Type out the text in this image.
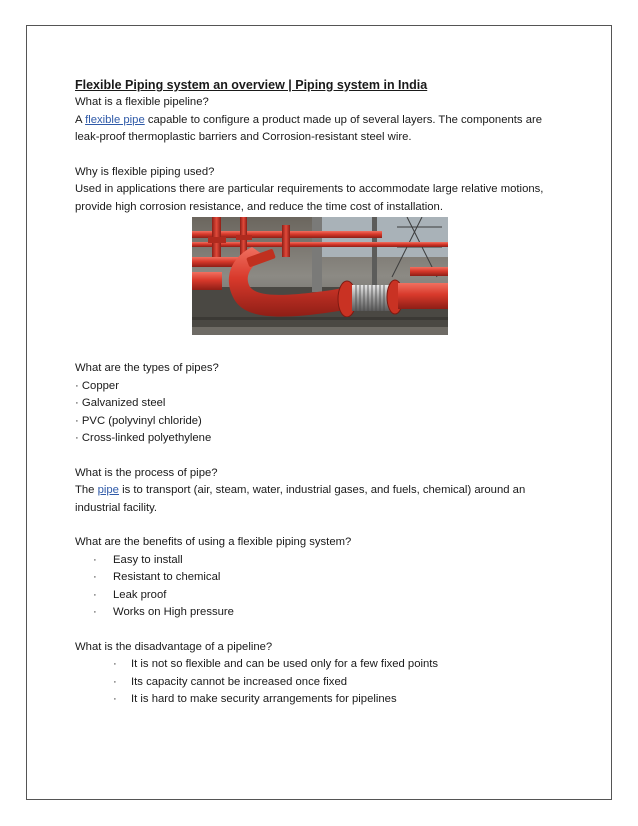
Flexible Piping system an overview | Piping system in India

What is a flexible pipeline?

A flexible pipe capable to configure a product made up of several layers. The components are leak-proof thermoplastic barriers and Corrosion-resistant steel wire.

Why is flexible piping used?

Used in applications there are particular requirements to accommodate large relative motions, provide high corrosion resistance, and reduce the time cost of installation.

What are the types of pipes?

· Copper
· Galvanized steel
· PVC (polyvinyl chloride)
· Cross-linked polyethylene

What is the process of pipe?

The pipe is to transport (air, steam, water, industrial gases, and fuels, chemical) around an industrial facility.

What are the benefits of using a flexible piping system?

· Easy to install
· Resistant to chemical
· Leak proof
· Works on High pressure

What is the disadvantage of a pipeline?

· It is not so flexible and can be used only for a few fixed points
· Its capacity cannot be increased once fixed
· It is hard to make security arrangements for pipelines
